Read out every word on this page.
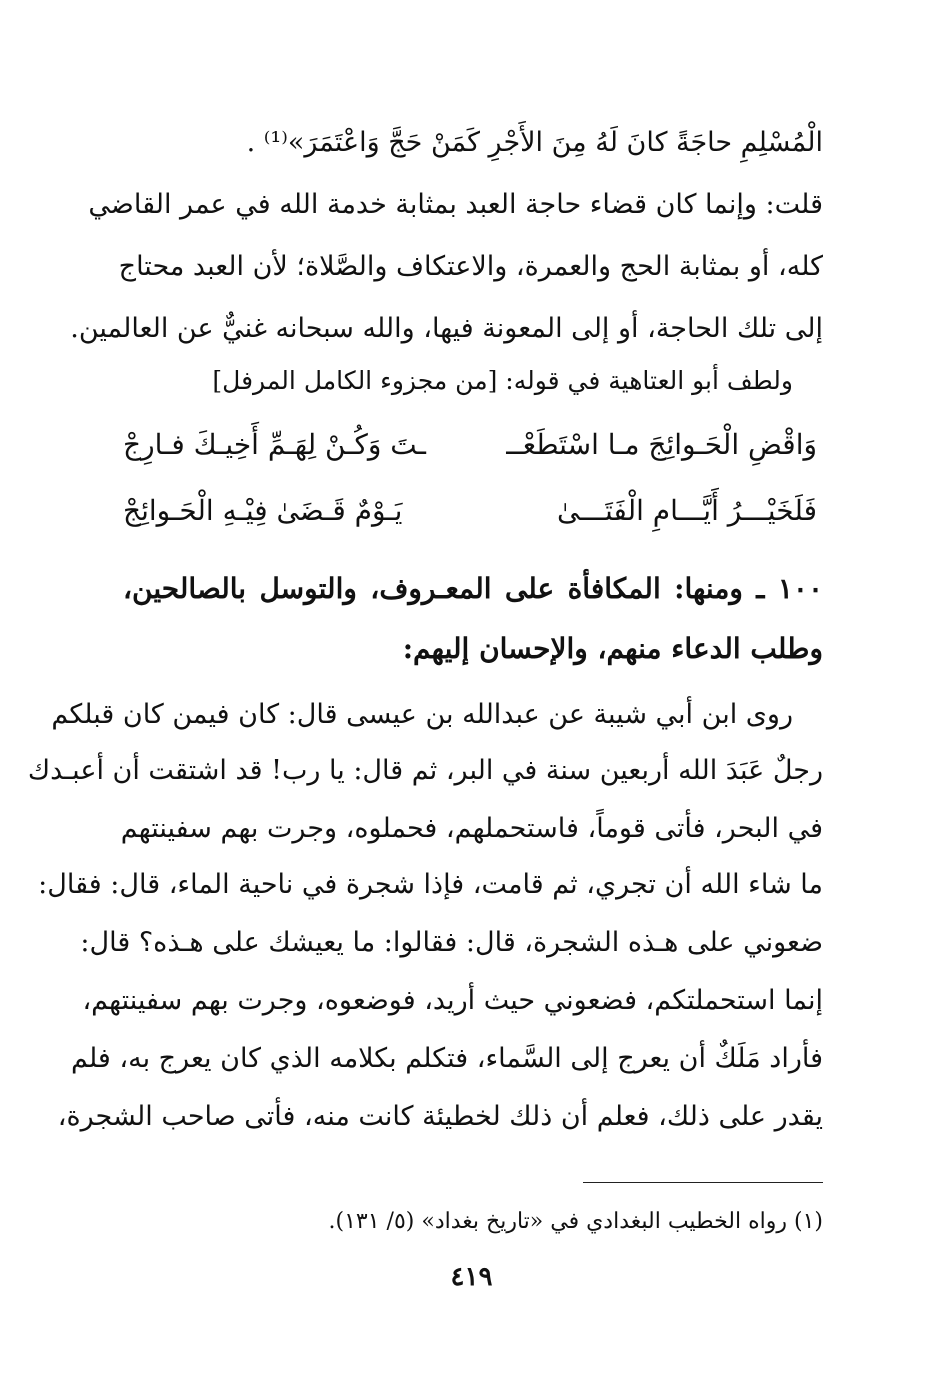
الْمُسْلِمِ حاجَةً كانَ لَهُ مِنَ الأَجْرِ كَمَنْ حَجَّ وَاعْتَمَرَ»⁽¹⁾ .
قلت: وإنما كان قضاء حاجة العبد بمثابة خدمة الله في عمر القاضي
كله، أو بمثابة الحج والعمرة، والاعتكاف والصَّلاة؛ لأن العبد محتاج
إلى تلك الحاجة، أو إلى المعونة فيها، والله سبحانه غنيٌّ عن العالمين.
ولطف أبو العتاهية في قوله: [من مجزوء الكامل المرفل]
وَاقْضِ الْحَـوائِجَ مـا اسْتَطَعْــ
ـتَ وَكُـنْ لِهَـمِّ أَخِيـكَ فـارِجْ
فَلَخَيْـــرُ أَيَّـــامِ الْفَتَـــىٰ
يَـوْمٌ قَـضَىٰ فِيْـهِ الْحَـوائِجْ
١٠٠ ـ ومنها: المكافأة على المعـروف، والتوسل بالصالحين،
وطلب الدعاء منهم، والإحسان إليهم:
روى ابن أبي شيبة عن عبدالله بن عيسى قال: كان فيمن كان قبلكم
رجلٌ عَبَدَ الله أربعين سنة في البر، ثم قال: يا رب! قد اشتقت أن أعبـدك
في البحر، فأتى قوماً، فاستحملهم، فحملوه، وجرت بهم سفينتهم
ما شاء الله أن تجري، ثم قامت، فإذا شجرة في ناحية الماء، قال: فقال:
ضعوني على هـذه الشجرة، قال: فقالوا: ما يعيشك على هـذه؟ قال:
إنما استحملتكم، فضعوني حيث أريد، فوضعوه، وجرت بهم سفينتهم،
فأراد مَلَكٌ أن يعرج إلى السَّماء، فتكلم بكلامه الذي كان يعرج به، فلم
يقدر على ذلك، فعلم أن ذلك لخطيئة كانت منه، فأتى صاحب الشجرة،
(١) رواه الخطيب البغدادي في «تاريخ بغداد» (٥/ ١٣١).
٤١٩
